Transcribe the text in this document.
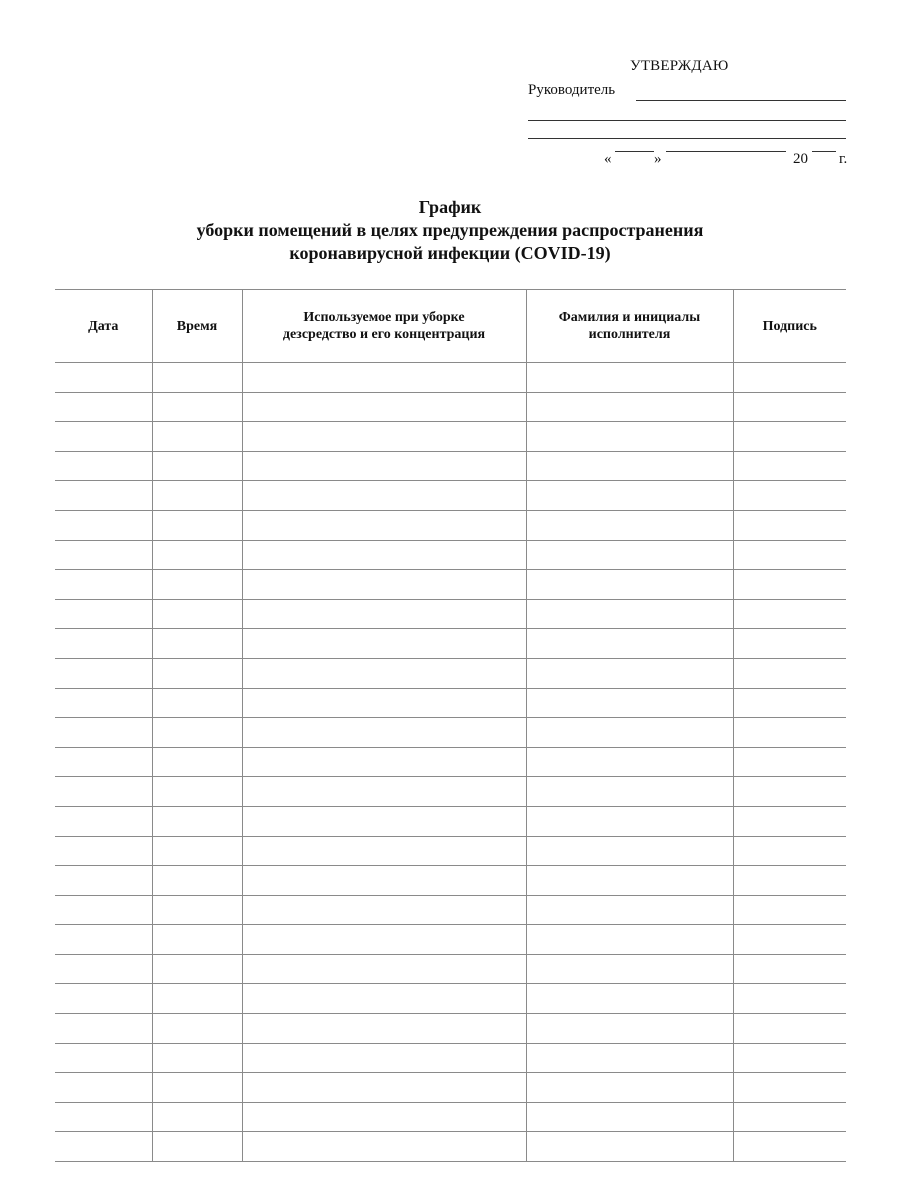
УТВЕРЖДАЮ
Руководитель
«	»	20 г.
График
уборки помещений в целях предупреждения распространения
коронавирусной инфекции (COVID-19)
Дата	Время	Используемое при уборке дезсредство и его концентрация	Фамилия и инициалы исполнителя	Подпись
